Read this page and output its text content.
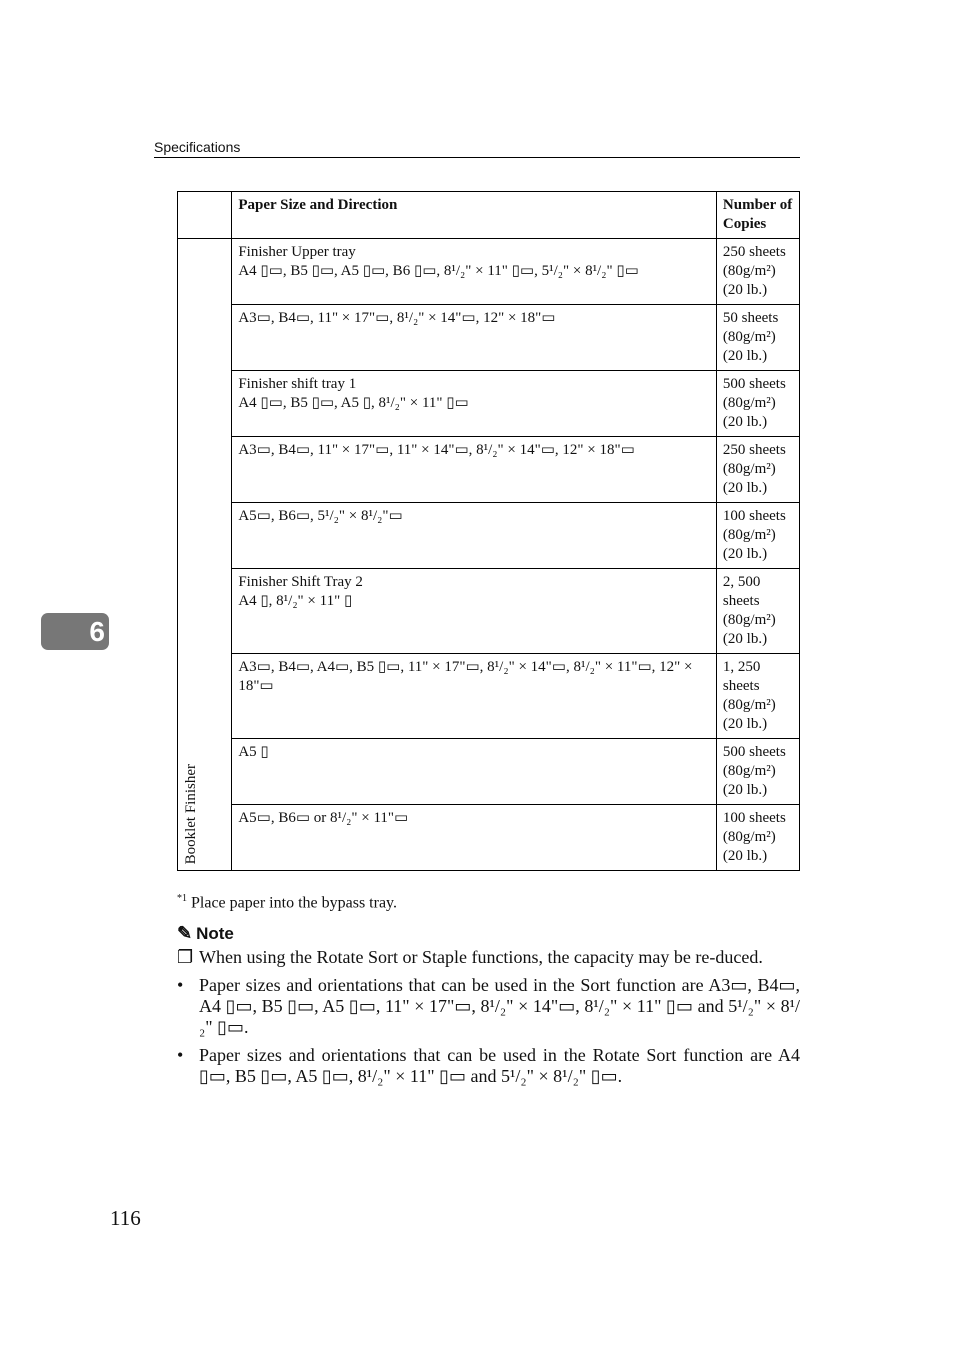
Specifications
6
	Paper Size and Direction	Number of Copies

Booklet Finisher	Finisher Upper tray
A4 ▯▭, B5 ▯▭, A5 ▯▭, B6 ▯▭, 8¹/₂" × 11" ▯▭, 5¹/₂" × 8¹/₂" ▯▭	250 sheets
(80g/m²)
(20 lb.)

	A3▭, B4▭, 11" × 17"▭, 8¹/₂" × 14"▭, 12" × 18"▭	50 sheets
(80g/m²)
(20 lb.)

	Finisher shift tray 1
A4 ▯▭, B5 ▯▭, A5 ▯, 8¹/₂" × 11" ▯▭	500 sheets
(80g/m²)
(20 lb.)

	A3▭, B4▭, 11" × 17"▭, 11" × 14"▭, 8¹/₂" × 14"▭, 12" × 18"▭	250 sheets
(80g/m²)
(20 lb.)

	A5▭, B6▭, 5¹/₂" × 8¹/₂"▭	100 sheets
(80g/m²)
(20 lb.)

	Finisher Shift Tray 2
A4 ▯, 8¹/₂" × 11" ▯	2, 500
sheets
(80g/m²)
(20 lb.)

	A3▭, B4▭, A4▭, B5 ▯▭, 11" × 17"▭, 8¹/₂" × 14"▭, 8¹/₂" × 11"▭, 12" × 18"▭	1, 250
sheets
(80g/m²)
(20 lb.)

	A5 ▯	500 sheets
(80g/m²)
(20 lb.)

	A5▭, B6▭ or 8¹/₂" × 11"▭	100 sheets
(80g/m²)
(20 lb.)
$^{*1}$ Place paper into the bypass tray.
✎ Note
❐ When using the Rotate Sort or Staple functions, the capacity may be re-duced.
• Paper sizes and orientations that can be used in the Sort function are A3▭, B4▭, A4 ▯▭, B5 ▯▭, A5 ▯▭, 11" × 17"▭, 8¹/₂" × 14"▭, 8¹/₂" × 11" ▯▭ and 5¹/₂" × 8¹/₂" ▯▭.
• Paper sizes and orientations that can be used in the Rotate Sort function are A4 ▯▭, B5 ▯▭, A5 ▯▭, 8¹/₂" × 11" ▯▭ and 5¹/₂" × 8¹/₂" ▯▭.
116
